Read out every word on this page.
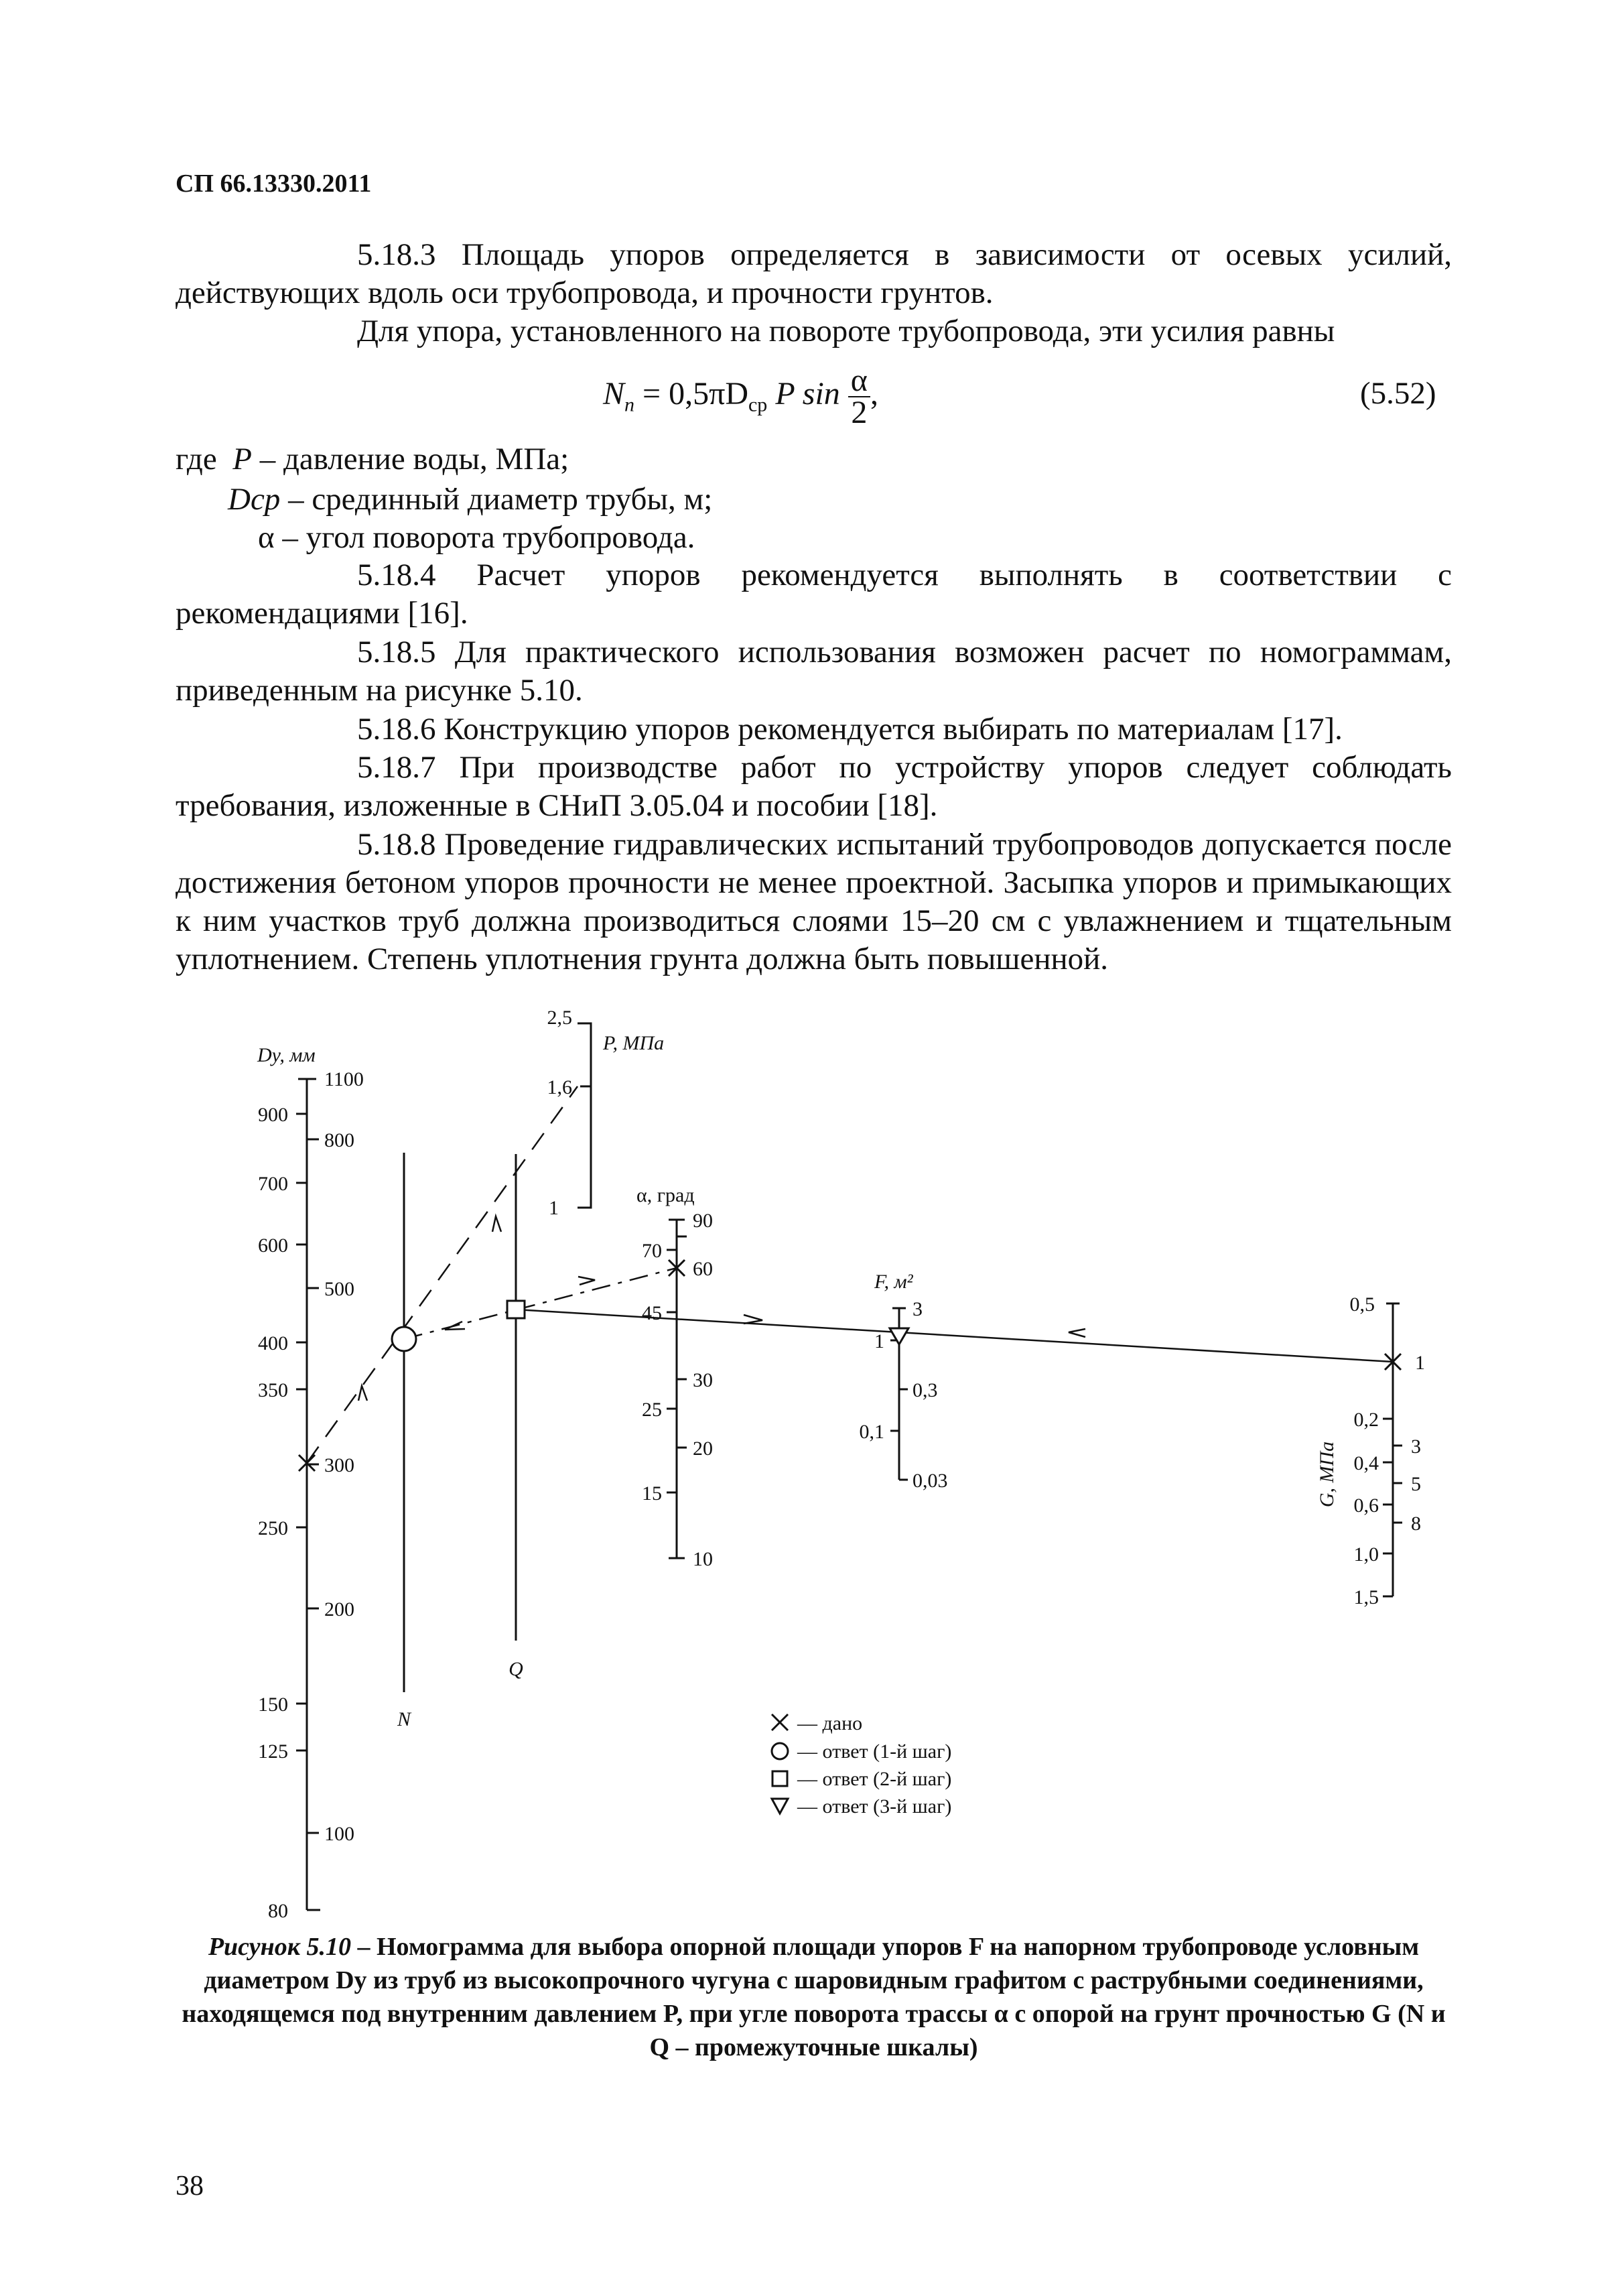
СП 66.13330.2011

5.18.3 Площадь упоров определяется в зависимости от осевых усилий, действующих вдоль оси трубопровода, и прочности грунтов.

Для упора, установленного на повороте трубопровода, эти усилия равны

$N_n = 0,5\pi D_{ср}$ P $\sin \frac{\alpha}{2}$ ,	(5.52)
где P – давление воды, МПа;
Dср – срединный диаметр трубы, м;
α – угол поворота трубопровода.

5.18.4 Расчет упоров рекомендуется выполнять в соответствии с рекомендациями [16].

5.18.5 Для практического использования возможен расчет по номограммам, приведенным на рисунке 5.10.

5.18.6 Конструкцию упоров рекомендуется выбирать по материалам [17].

5.18.7 При производстве работ по устройству упоров следует соблюдать требования, изложенные в СНиП 3.05.04 и пособии [18].

5.18.8 Проведение гидравлических испытаний трубопроводов допускается после достижения бетоном упоров прочности не менее проектной. Засыпка упоров и примыкающих к ним участков труб должна производиться слоями 15–20 см с увлажнением и тщательным уплотнением. Степень уплотнения грунта должна быть повышенной.

Dy, мм
900
700
600
400
350
250
150
125
80
1100
800
500
300
200
100
P, МПа
2,5
1,6
1
α, град
70
45
25
15
90
60
30
20
10
F, м²
3
0,3
0,03
1
0,1
0,5
0,2
0,4
0,6
1,0
1,5
1
3
5
8
G, МПа
N
Q
— дано
— ответ (1-й шаг)
— ответ (2-й шаг)
— ответ (3-й шаг)
Рисунок 5.10 – Номограмма для выбора опорной площади упоров F на напорном трубопроводе условным диаметром Dy из труб из высокопрочного чугуна с шаровидным графитом с раструбными соединениями, находящемся под внутренним давлением P, при угле поворота трассы α с опорой на грунт прочностью G (N и Q – промежуточные шкалы)
38
